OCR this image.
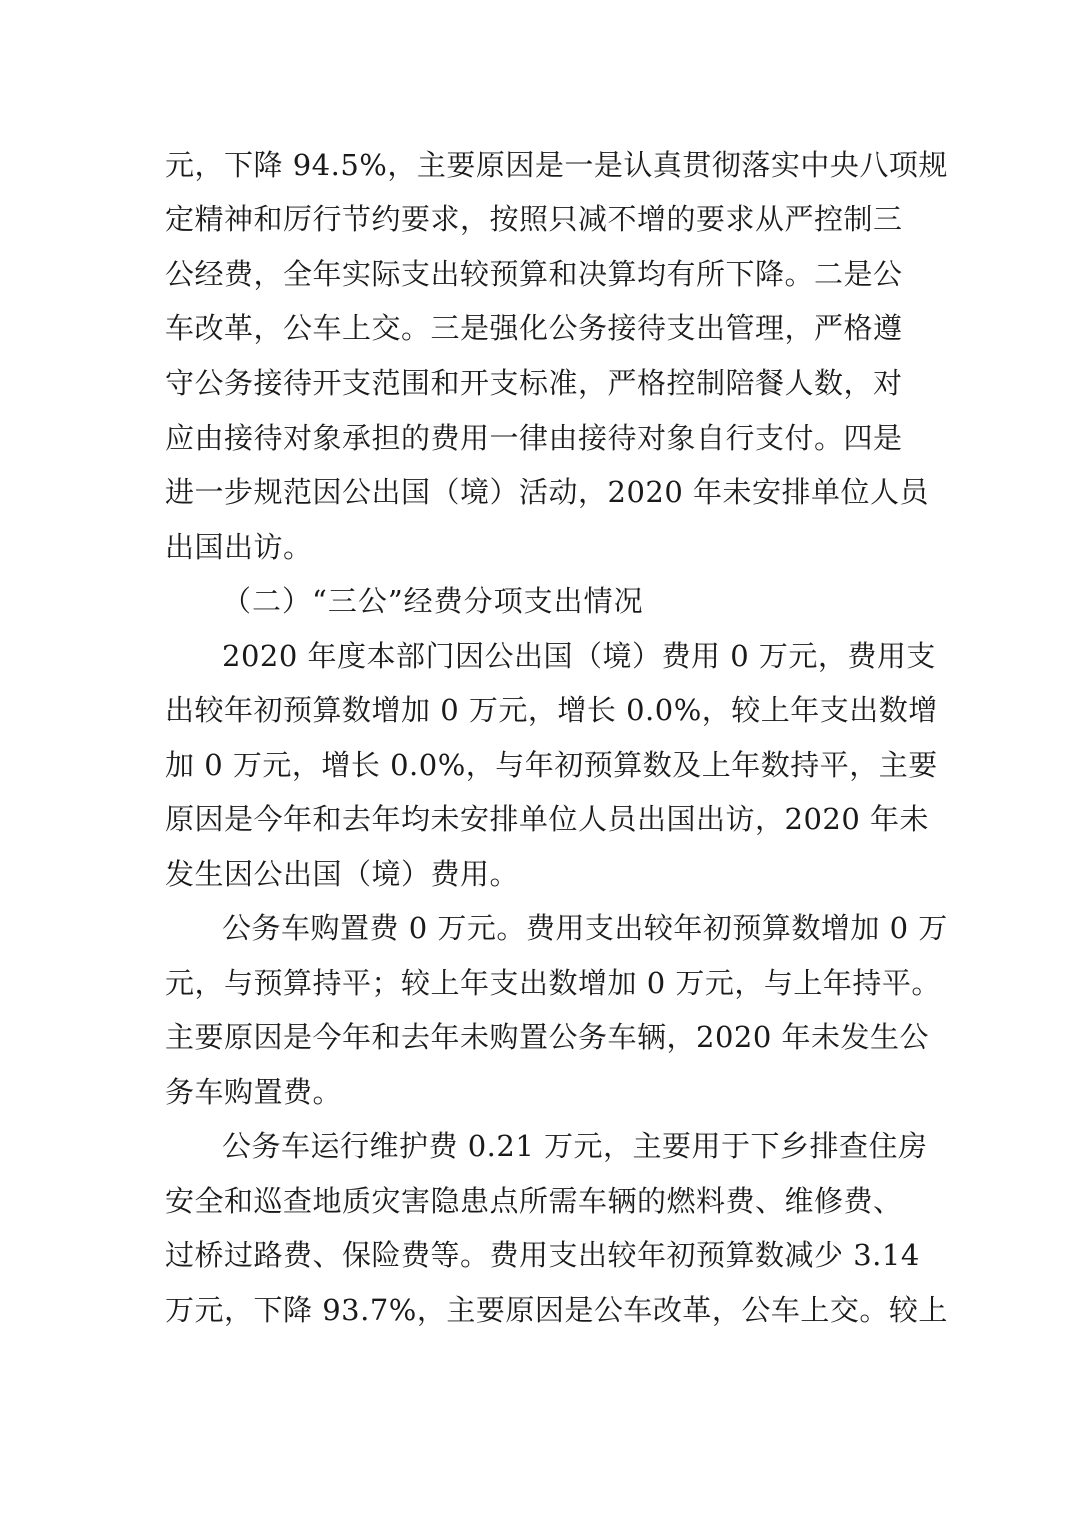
元，下降 94.5%，主要原因是一是认真贯彻落实中央八项规

定精神和厉行节约要求，按照只减不增的要求从严控制三

公经费，全年实际支出较预算和决算均有所下降。二是公

车改革，公车上交。三是强化公务接待支出管理，严格遵

守公务接待开支范围和开支标准，严格控制陪餐人数，对

应由接待对象承担的费用一律由接待对象自行支付。四是

进一步规范因公出国（境）活动，2020 年未安排单位人员

出国出访。

（二）“三公”经费分项支出情况

2020 年度本部门因公出国（境）费用 0 万元，费用支

出较年初预算数增加 0 万元，增长 0.0%，较上年支出数增

加 0 万元，增长 0.0%，与年初预算数及上年数持平，主要

原因是今年和去年均未安排单位人员出国出访，2020 年未

发生因公出国（境）费用。

公务车购置费 0 万元。费用支出较年初预算数增加 0 万

元，与预算持平；较上年支出数增加 0 万元，与上年持平。

主要原因是今年和去年未购置公务车辆，2020 年未发生公

务车购置费。

公务车运行维护费 0.21 万元，主要用于下乡排查住房

安全和巡查地质灾害隐患点所需车辆的燃料费、维修费、

过桥过路费、保险费等。费用支出较年初预算数减少 3.14

万元，下降 93.7%，主要原因是公车改革，公车上交。较上
